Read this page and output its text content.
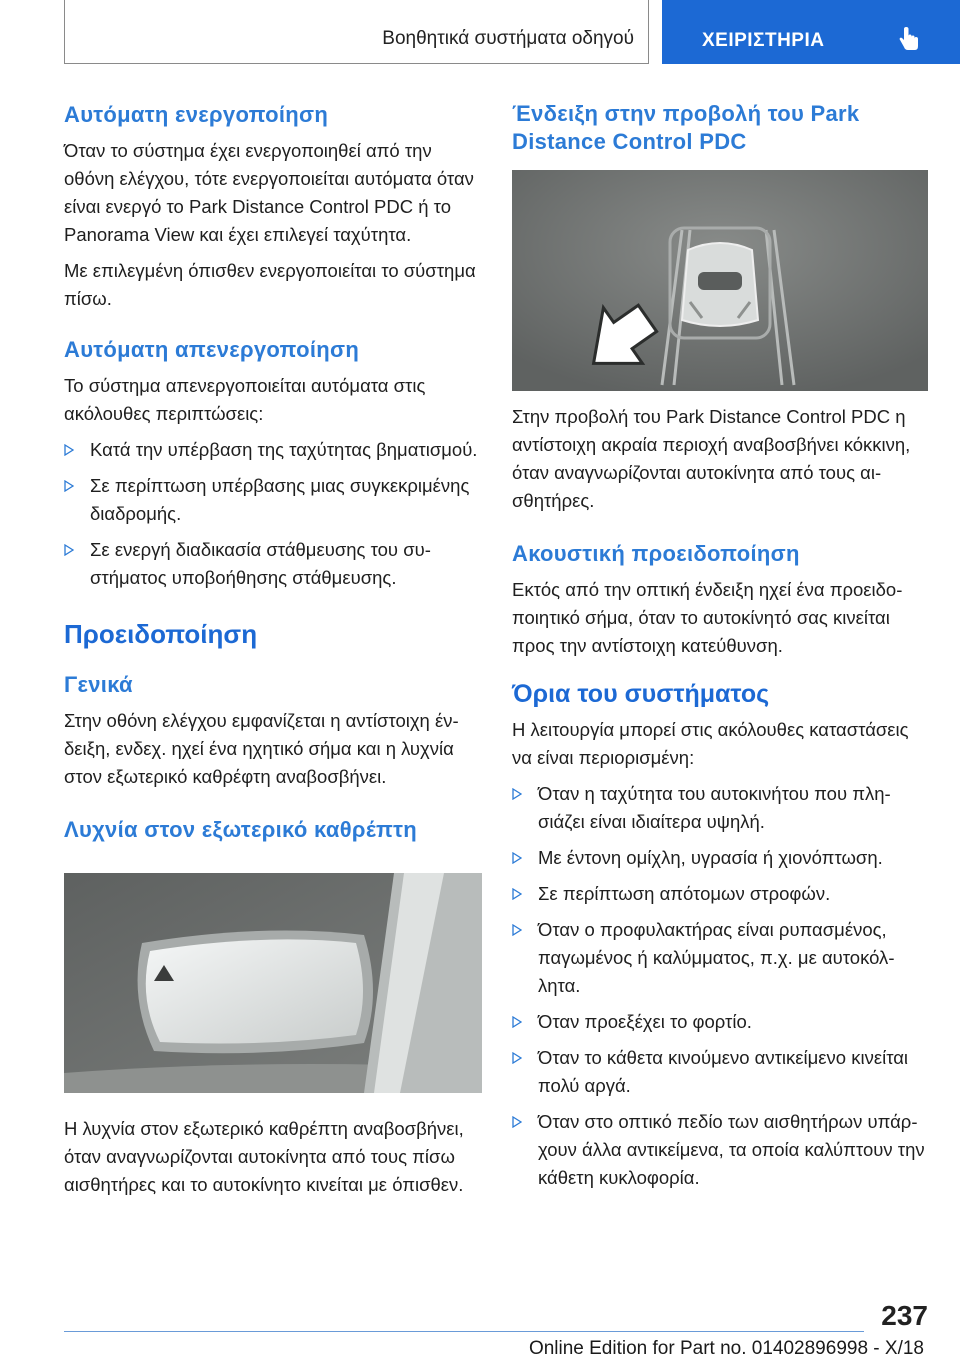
Βοηθητικά συστήματα οδηγού	ΧΕΙΡΙΣΤΗΡΙΑ
Αυτόματη ενεργοποίηση

Όταν το σύστημα έχει ενεργοποιηθεί από την οθόνη ελέγχου, τότε ενεργοποιείται αυτόματα όταν είναι ενεργό το Park Distance Control PDC ή το Panorama View και έχει επιλεγεί ταχύτητα.

Με επιλεγμένη όπισθεν ενεργοποιείται το σύστημα πίσω.

Αυτόματη απενεργοποίηση

Το σύστημα απενεργοποιείται αυτόματα στις ακόλουθες περιπτώσεις:

Κατά την υπέρβαση της ταχύτητας βηματισμού.
Σε περίπτωση υπέρβασης μιας συγκεκριμένης διαδρομής.
Σε ενεργή διαδικασία στάθμευσης του συστήματος υποβοήθησης στάθμευσης.
Προειδοποίηση
Γενικά

Στην οθόνη ελέγχου εμφανίζεται η αντίστοιχη ένδειξη, ενδεχ. ηχεί ένα ηχητικό σήμα και η λυχνία στον εξωτερικό καθρέφτη αναβοσβήνει.

Λυχνία στον εξωτερικό καθρέπτη

Η λυχνία στον εξωτερικό καθρέπτη αναβοσβήνει, όταν αναγνωρίζονται αυτοκίνητα από τους πίσω αισθητήρες και το αυτοκίνητο κινείται με όπισθεν.

Ένδειξη στην προβολή του Park Distance Control PDC

Στην προβολή του Park Distance Control PDC η αντίστοιχη ακραία περιοχή αναβοσβήνει κόκκινη, όταν αναγνωρίζονται αυτοκίνητα από τους αισθητήρες.

Ακουστική προειδοποίηση

Εκτός από την οπτική ένδειξη ηχεί ένα προειδοποιητικό σήμα, όταν το αυτοκίνητό σας κινείται προς την αντίστοιχη κατεύθυνση.

Όρια του συστήματος

Η λειτουργία μπορεί στις ακόλουθες καταστάσεις να είναι περιορισμένη:

Όταν η ταχύτητα του αυτοκινήτου που πλησιάζει είναι ιδιαίτερα υψηλή.
Με έντονη ομίχλη, υγρασία ή χιονόπτωση.
Σε περίπτωση απότομων στροφών.
Όταν ο προφυλακτήρας είναι ρυπασμένος, παγωμένος ή καλύμματος, π.χ. με αυτοκόλλητα.
Όταν προεξέχει το φορτίο.
Όταν το κάθετα κινούμενο αντικείμενο κινείται πολύ αργά.
Όταν στο οπτικό πεδίο των αισθητήρων υπάρχουν άλλα αντικείμενα, τα οποία καλύπτουν την κάθετη κυκλοφορία.
237
Online Edition for Part no. 01402896998 - X/18
